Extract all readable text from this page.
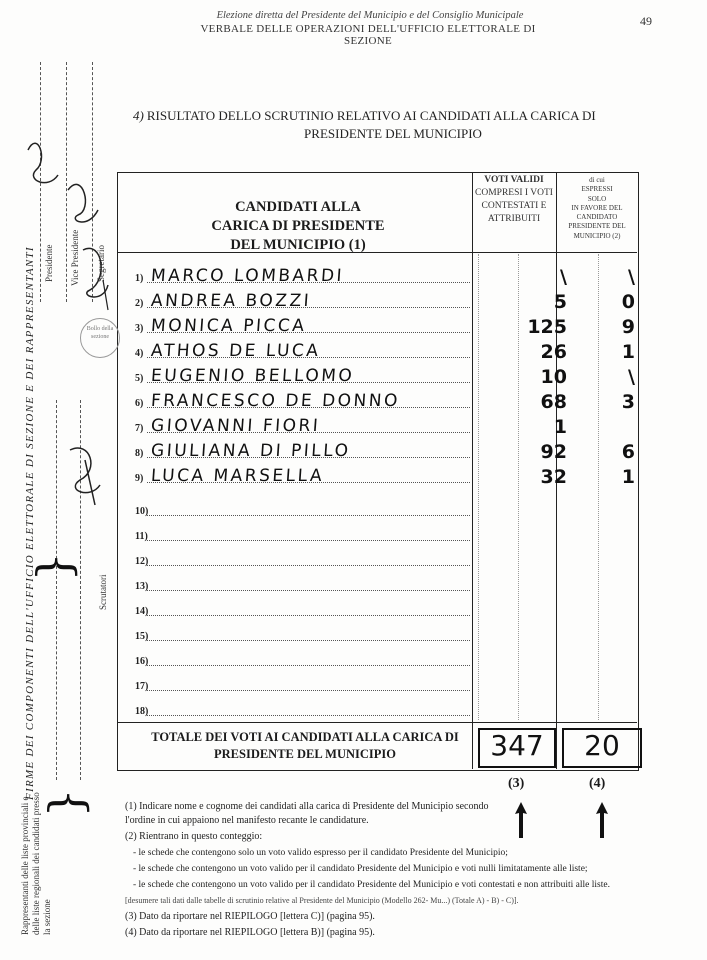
Elezione diretta del Presidente del Municipio e del Consiglio Municipale
VERBALE DELLE OPERAZIONI DELL'UFFICIO ELETTORALE DI SEZIONE
49
4) RISULTATO DELLO SCRUTINIO RELATIVO AI CANDIDATI ALLA CARICA DI
PRESIDENTE DEL MUNICIPIO
CANDIDATI ALLA
CARICA DI PRESIDENTE
DEL MUNICIPIO (1)
VOTI VALIDI
COMPRESI I VOTI
CONTESTATI E
ATTRIBUITI
di cui
ESPRESSI
SOLO
IN FAVORE DEL
CANDIDATO
PRESIDENTE DEL
MUNICIPIO (2)
1) MARCO LOMBARDI	\	\
2) ANDREA BOZZI	5	0
3) MONICA PICCA	125	9
4) ATHOS DE LUCA	26	1
5) EUGENIO BELLOMO	10	\
6) FRANCESCO DE DONNO	68	3
7) GIOVANNI FIORI	1
8) GIULIANA DI PILLO	92	6
9) LUCA MARSELLA	32	1
10)
11)
12)
13)
14)
15)
16)
17)
18)
TOTALE DEI VOTI AI CANDIDATI ALLA CARICA DI
PRESIDENTE DEL MUNICIPIO	347	20
(3)	(4)

(1) Indicare nome e cognome dei candidati alla carica di Presidente del Municipio secondo l'ordine in cui appaiono nel manifesto recante le candidature.

(2) Rientrano in questo conteggio:

- le schede che contengono solo un voto valido espresso per il candidato Presidente del Municipio;

- le schede che contengono un voto valido per il candidato Presidente del Municipio e voti nulli limitatamente alle liste;

- le schede che contengono un voto valido per il candidato Presidente del Municipio e voti contestati e non attribuiti alle liste.

[desumere tali dati dalle tabelle di scrutinio relative al Presidente del Municipio (Modello 262- Mu...) (Totale A) - B) - C)].

(3) Dato da riportare nel RIEPILOGO [lettera C)] (pagina 95).

(4) Dato da riportare nel RIEPILOGO [lettera B)] (pagina 95).

FIRME DEI COMPONENTI DELL'UFFICIO ELETTORALE DI SEZIONE E DEI RAPPRESENTANTI Presidente Vice Presidente Segretario
Bollo della sezione
{
Scrutatori
Rappresentanti delle liste provinciali e delle liste regionali dei candidati presso la sezione
{
